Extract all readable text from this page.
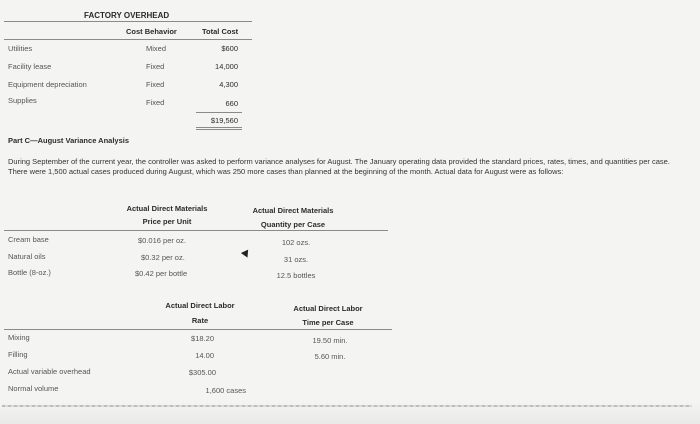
FACTORY OVERHEAD
Cost Behavior	Total Cost
Utilities	Mixed	$600
Facility lease	Fixed	14,000
Equipment depreciation	Fixed	4,300
Supplies	Fixed	660
$19,560
Part C—August Variance Analysis
During September of the current year, the controller was asked to perform variance analyses for August. The January operating data provided the standard prices, rates, times, and quantities per case. There were 1,500 actual cases produced during August, which was 250 more cases than planned at the beginning of the month. Actual data for August were as follows:
Actual Direct Materials
Price per Unit
Actual Direct Materials
Quantity per Case
Cream base	$0.016 per oz.	102 ozs.
Natural oils	$0.32 per oz.	31 ozs.
Bottle (8-oz.)	$0.42 per bottle	12.5 bottles
Actual Direct Labor
Rate
Actual Direct Labor
Time per Case
Mixing	$18.20	19.50 min.
Filling	14.00	5.60 min.
Actual variable overhead	$305.00
Normal volume	1,600 cases
